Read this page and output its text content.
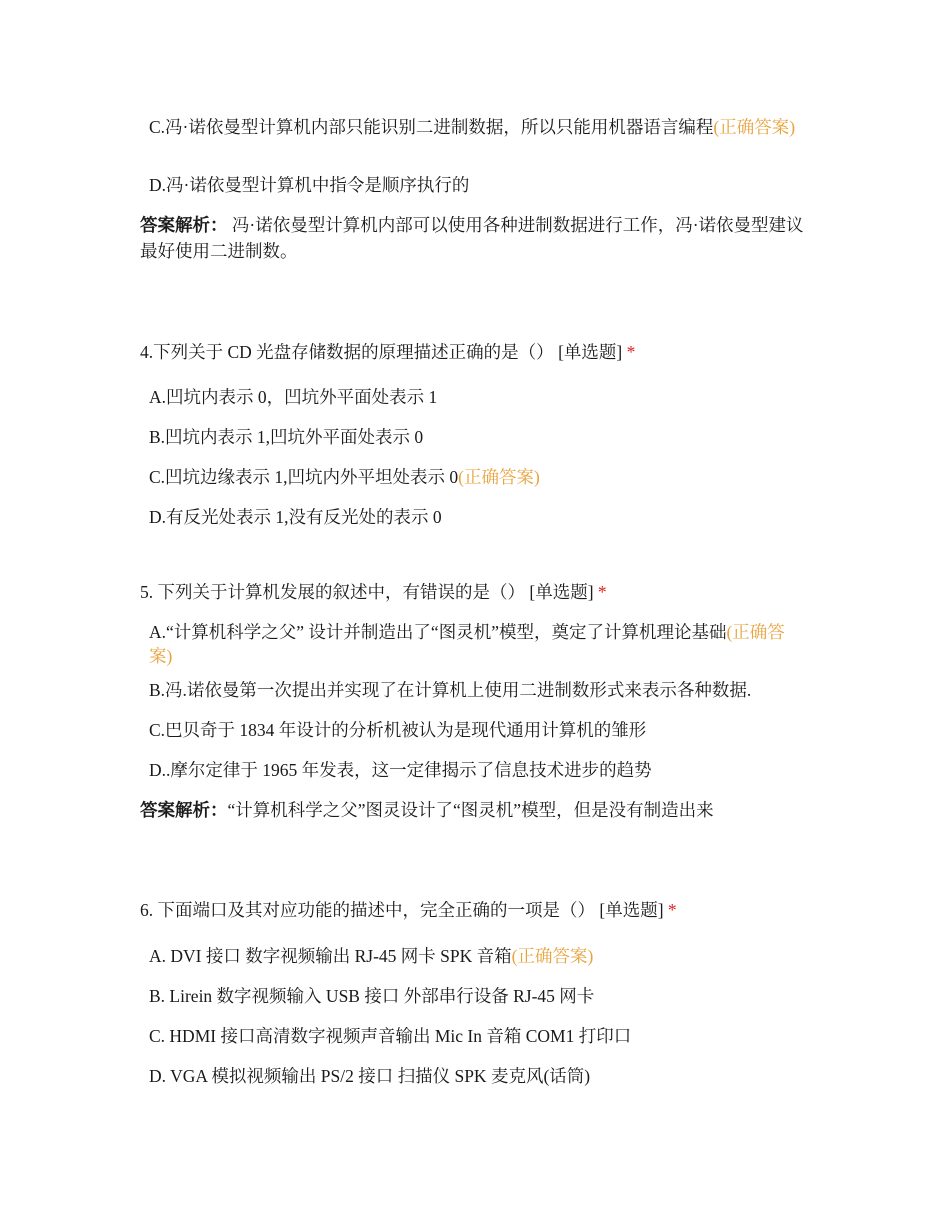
C.冯·诺依曼型计算机内部只能识别二进制数据，所以只能用机器语言编程(正确答案)
D.冯·诺依曼型计算机中指令是顺序执行的
答案解析： 冯·诺依曼型计算机内部可以使用各种进制数据进行工作，冯·诺依曼型建议最好使用二进制数。
4.下列关于 CD 光盘存储数据的原理描述正确的是（） [单选题] *
A.凹坑内表示 0，凹坑外平面处表示 1
B.凹坑内表示 1,凹坑外平面处表示 0
C.凹坑边缘表示 1,凹坑内外平坦处表示 0(正确答案)
D.有反光处表示 1,没有反光处的表示 0
5. 下列关于计算机发展的叙述中，有错误的是（） [单选题] *
A.“计算机科学之父” 设计并制造出了“图灵机”模型，奠定了计算机理论基础(正确答案)
B.冯.诺依曼第一次提出并实现了在计算机上使用二进制数形式来表示各种数据.
C.巴贝奇于 1834 年设计的分析机被认为是现代通用计算机的雏形
D..摩尔定律于 1965 年发表，这一定律揭示了信息技术进步的趋势
答案解析：“计算机科学之父”图灵设计了“图灵机”模型，但是没有制造出来
6. 下面端口及其对应功能的描述中，完全正确的一项是（） [单选题] *
A. DVI 接口 数字视频输出 RJ-45 网卡 SPK 音箱(正确答案)
B. Lirein 数字视频输入 USB 接口 外部串行设备 RJ-45 网卡
C. HDMI 接口高清数字视频声音输出 Mic In 音箱 COM1 打印口
D. VGA 模拟视频输出 PS/2 接口 扫描仪 SPK 麦克风(话筒)
